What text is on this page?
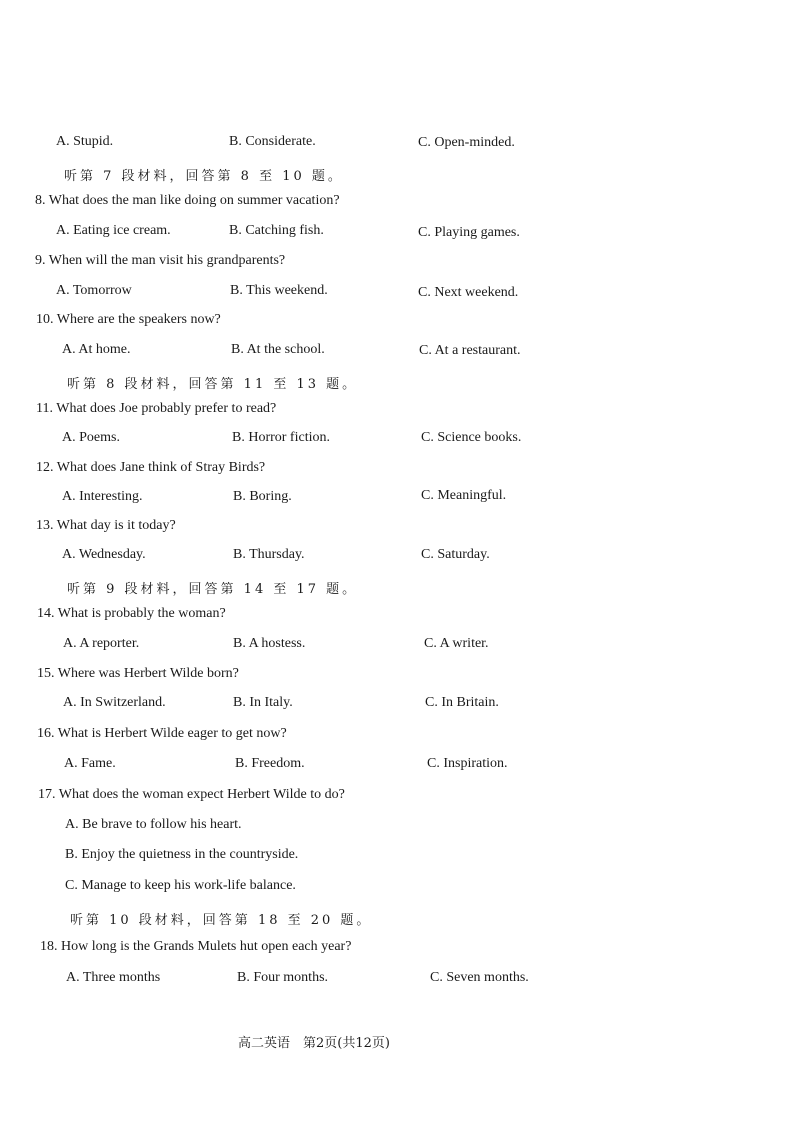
A. Stupid.	B. Considerate.	C. Open-minded.
听第 7 段材料，回答第 8 至 10 题。
8. What does the man like doing on summer vacation?
A. Eating ice cream.	B. Catching fish.	C. Playing games.
9. When will the man visit his grandparents?
A. Tomorrow	B. This weekend.	C. Next weekend.
10. Where are the speakers now?
A. At home.	B. At the school.	C. At a restaurant.
听第 8 段材料，回答第 11 至 13 题。
11. What does Joe probably prefer to read?
A. Poems.	B. Horror fiction.	C. Science books.
12. What does Jane think of Stray Birds?
A. Interesting.	B. Boring.	C. Meaningful.
13. What day is it today?
A. Wednesday.	B. Thursday.	C. Saturday.
听第 9 段材料，回答第 14 至 17 题。
14. What is probably the woman?
A. A reporter.	B. A hostess.	C. A writer.
15. Where was Herbert Wilde born?
A. In Switzerland.	B. In Italy.	C. In Britain.
16. What is Herbert Wilde eager to get now?
A. Fame.	B. Freedom.	C. Inspiration.
17. What does the woman expect Herbert Wilde to do?
A. Be brave to follow his heart.
B. Enjoy the quietness in the countryside.
C. Manage to keep his work-life balance.
听第 10 段材料，回答第 18 至 20 题。
18. How long is the Grands Mulets hut open each year?
A. Three months	B. Four months.	C. Seven months.
高二英语　第2页(共12页)
